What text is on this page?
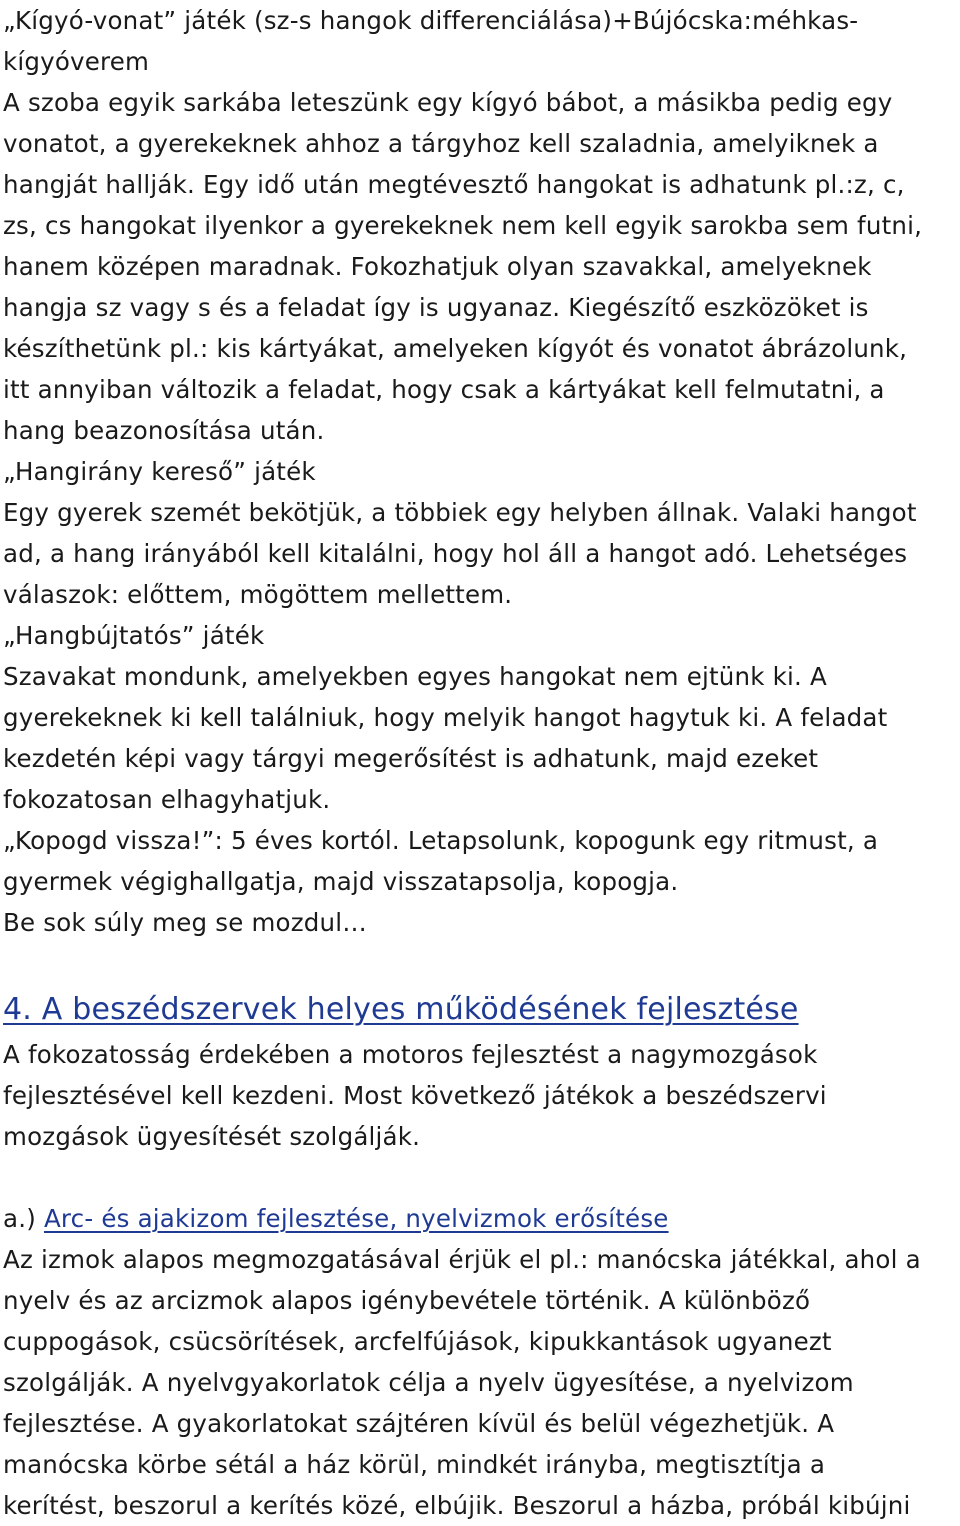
„Kígyó-vonat” játék (sz-s hangok differenciálása)+Bújócska:méhkas-
kígyóverem
A szoba egyik sarkába leteszünk egy kígyó bábot, a másikba pedig egy
vonatot, a gyerekeknek ahhoz a tárgyhoz kell szaladnia, amelyiknek a
hangját hallják. Egy idő után megtévesztő hangokat is adhatunk pl.:z, c,
zs, cs hangokat ilyenkor a gyerekeknek nem kell egyik sarokba sem futni,
hanem középen maradnak. Fokozhatjuk olyan szavakkal, amelyeknek
hangja sz vagy s és a feladat így is ugyanaz. Kiegészítő eszközöket is
készíthetünk pl.: kis kártyákat, amelyeken kígyót és vonatot ábrázolunk,
itt annyiban változik a feladat, hogy csak a kártyákat kell felmutatni, a
hang beazonosítása után.
„Hangirány kereső” játék
Egy gyerek szemét bekötjük, a többiek egy helyben állnak. Valaki hangot
ad, a hang irányából kell kitalálni, hogy hol áll a hangot adó. Lehetséges
válaszok: előttem, mögöttem mellettem.
„Hangbújtatós” játék
Szavakat mondunk, amelyekben egyes hangokat nem ejtünk ki. A
gyerekeknek ki kell találniuk, hogy melyik hangot hagytuk ki. A feladat
kezdetén képi vagy tárgyi megerősítést is adhatunk, majd ezeket
fokozatosan elhagyhatjuk.
„Kopogd vissza!”: 5 éves kortól. Letapsolunk, kopogunk egy ritmust, a
gyermek végighallgatja, majd visszatapsolja, kopogja.
Be sok súly meg se mozdul…
4. A beszédszervek helyes működésének fejlesztése
A fokozatosság érdekében a motoros fejlesztést a nagymozgások
fejlesztésével kell kezdeni. Most következő játékok a beszédszervi
mozgások ügyesítését szolgálják.
a.) Arc- és ajakizom fejlesztése, nyelvizmok erősítése
Az izmok alapos megmozgatásával érjük el pl.: manócska játékkal, ahol a
nyelv és az arcizmok alapos igénybevétele történik. A különböző
cuppogások, csücsörítések, arcfelfújások, kipukkantások ugyanezt
szolgálják. A nyelvgyakorlatok célja a nyelv ügyesítése, a nyelvizom
fejlesztése. A gyakorlatokat szájtéren kívül és belül végezhetjük. A
manócska körbe sétál a ház körül, mindkét irányba, megtisztítja a
kerítést, beszorul a kerítés közé, elbújik. Beszorul a házba, próbál kibújni
